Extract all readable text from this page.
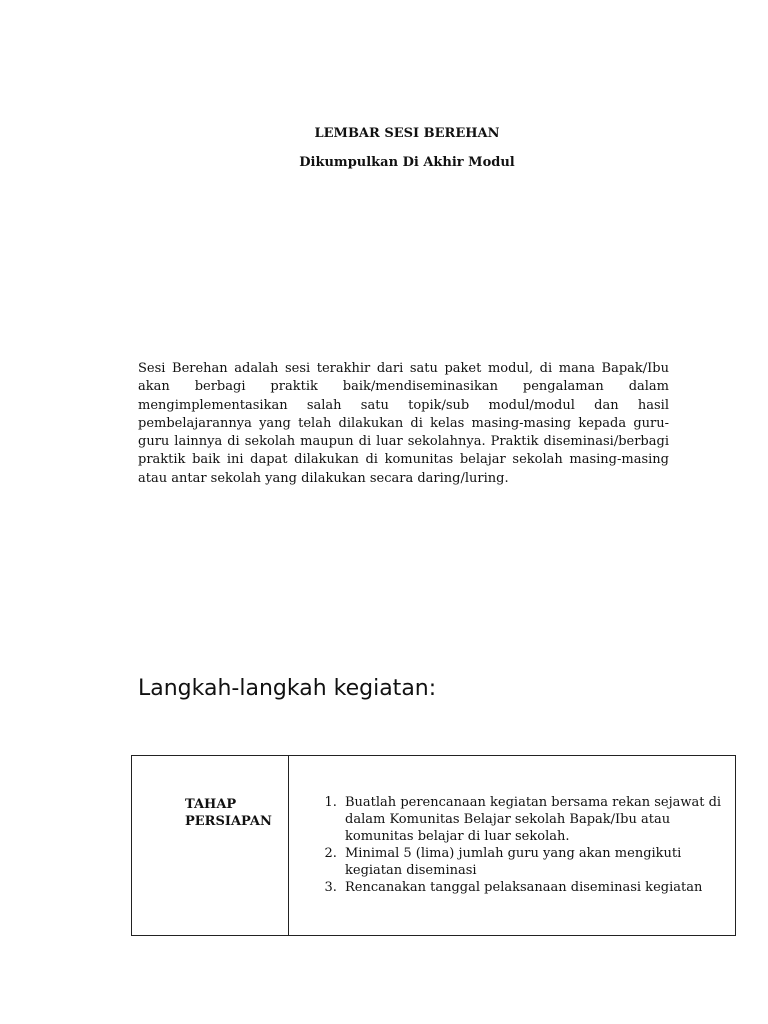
LEMBAR SESI BEREHAN

Dikumpulkan Di Akhir Modul

Sesi Berehan adalah sesi terakhir dari satu paket modul, di mana Bapak/Ibu akan berbagi praktik baik/mendiseminasikan pengalaman dalam mengimplementasikan salah satu topik/sub modul/modul dan hasil pembelajarannya yang telah dilakukan di kelas masing-masing kepada guru-guru lainnya di sekolah maupun di luar sekolahnya. Praktik diseminasi/berbagi praktik baik ini dapat dilakukan di komunitas belajar sekolah masing-masing atau antar sekolah yang dilakukan secara daring/luring.

Langkah-langkah kegiatan:
TAHAP PERSIAPAN

1. Buatlah perencanaan kegiatan bersama rekan sejawat di dalam Komunitas Belajar sekolah Bapak/Ibu atau komunitas belajar di luar sekolah.
2. Minimal 5 (lima) jumlah guru yang akan mengikuti kegiatan diseminasi
3. Rencanakan tanggal pelaksanaan diseminasi kegiatan
